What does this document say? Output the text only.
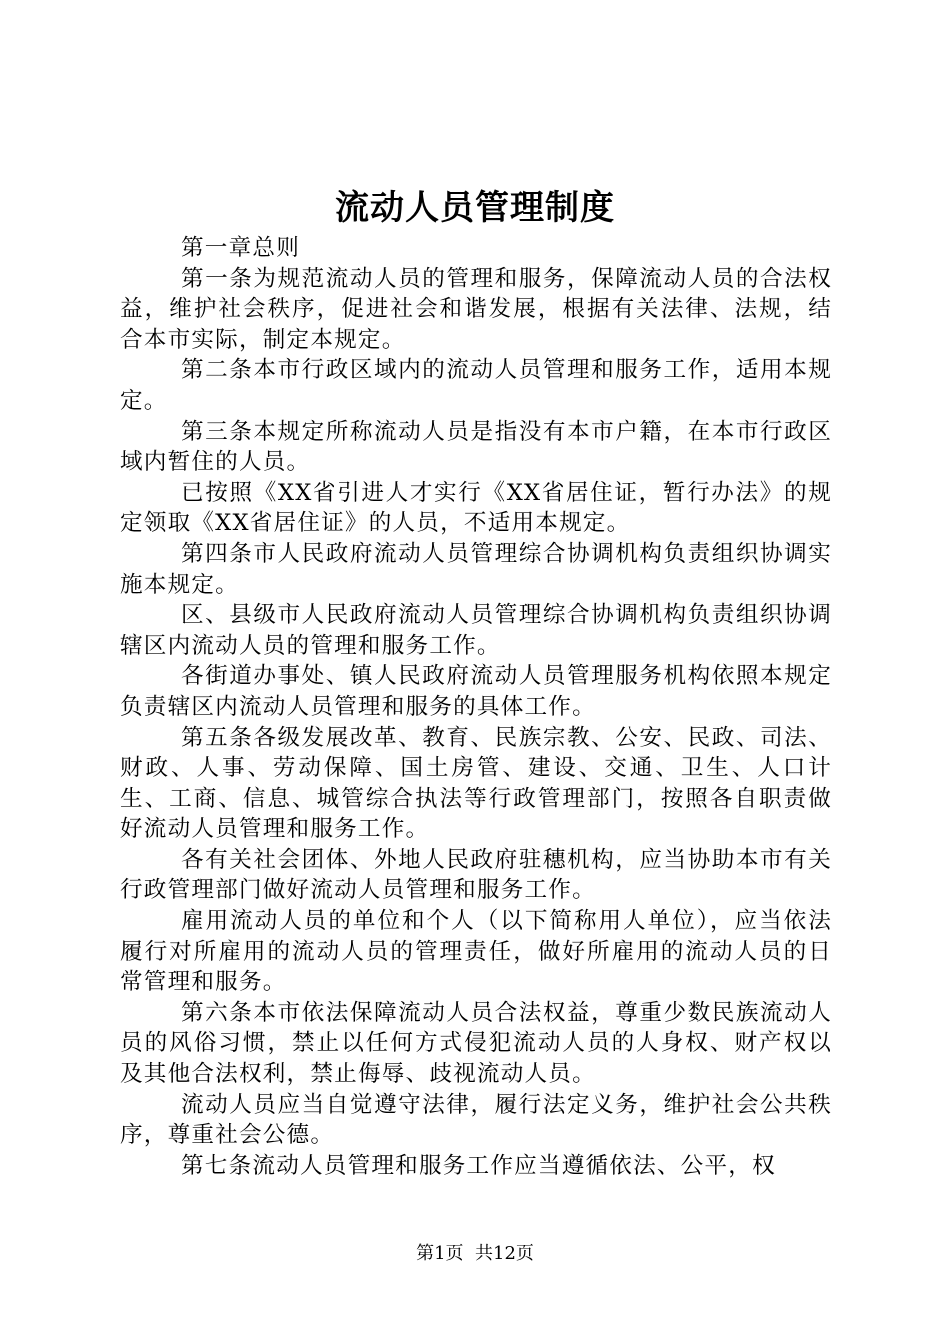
流动人员管理制度

第一章总则

第一条为规范流动人员的管理和服务，保障流动人员的合法权益，维护社会秩序，促进社会和谐发展，根据有关法律、法规，结合本市实际，制定本规定。

第二条本市行政区域内的流动人员管理和服务工作，适用本规定。

第三条本规定所称流动人员是指没有本市户籍，在本市行政区域内暂住的人员。

已按照《XX省引进人才实行《XX省居住证，暂行办法》的规定领取《XX省居住证》的人员，不适用本规定。

第四条市人民政府流动人员管理综合协调机构负责组织协调实施本规定。

区、县级市人民政府流动人员管理综合协调机构负责组织协调辖区内流动人员的管理和服务工作。

各街道办事处、镇人民政府流动人员管理服务机构依照本规定负责辖区内流动人员管理和服务的具体工作。

第五条各级发展改革、教育、民族宗教、公安、民政、司法、财政、人事、劳动保障、国土房管、建设、交通、卫生、人口计生、工商、信息、城管综合执法等行政管理部门，按照各自职责做好流动人员管理和服务工作。

各有关社会团体、外地人民政府驻穗机构，应当协助本市有关行政管理部门做好流动人员管理和服务工作。

雇用流动人员的单位和个人（以下简称用人单位），应当依法履行对所雇用的流动人员的管理责任，做好所雇用的流动人员的日常管理和服务。

第六条本市依法保障流动人员合法权益，尊重少数民族流动人员的风俗习惯，禁止以任何方式侵犯流动人员的人身权、财产权以及其他合法权利，禁止侮辱、歧视流动人员。

流动人员应当自觉遵守法律，履行法定义务，维护社会公共秩序，尊重社会公德。

第七条流动人员管理和服务工作应当遵循依法、公平，权

第1页  共12页
